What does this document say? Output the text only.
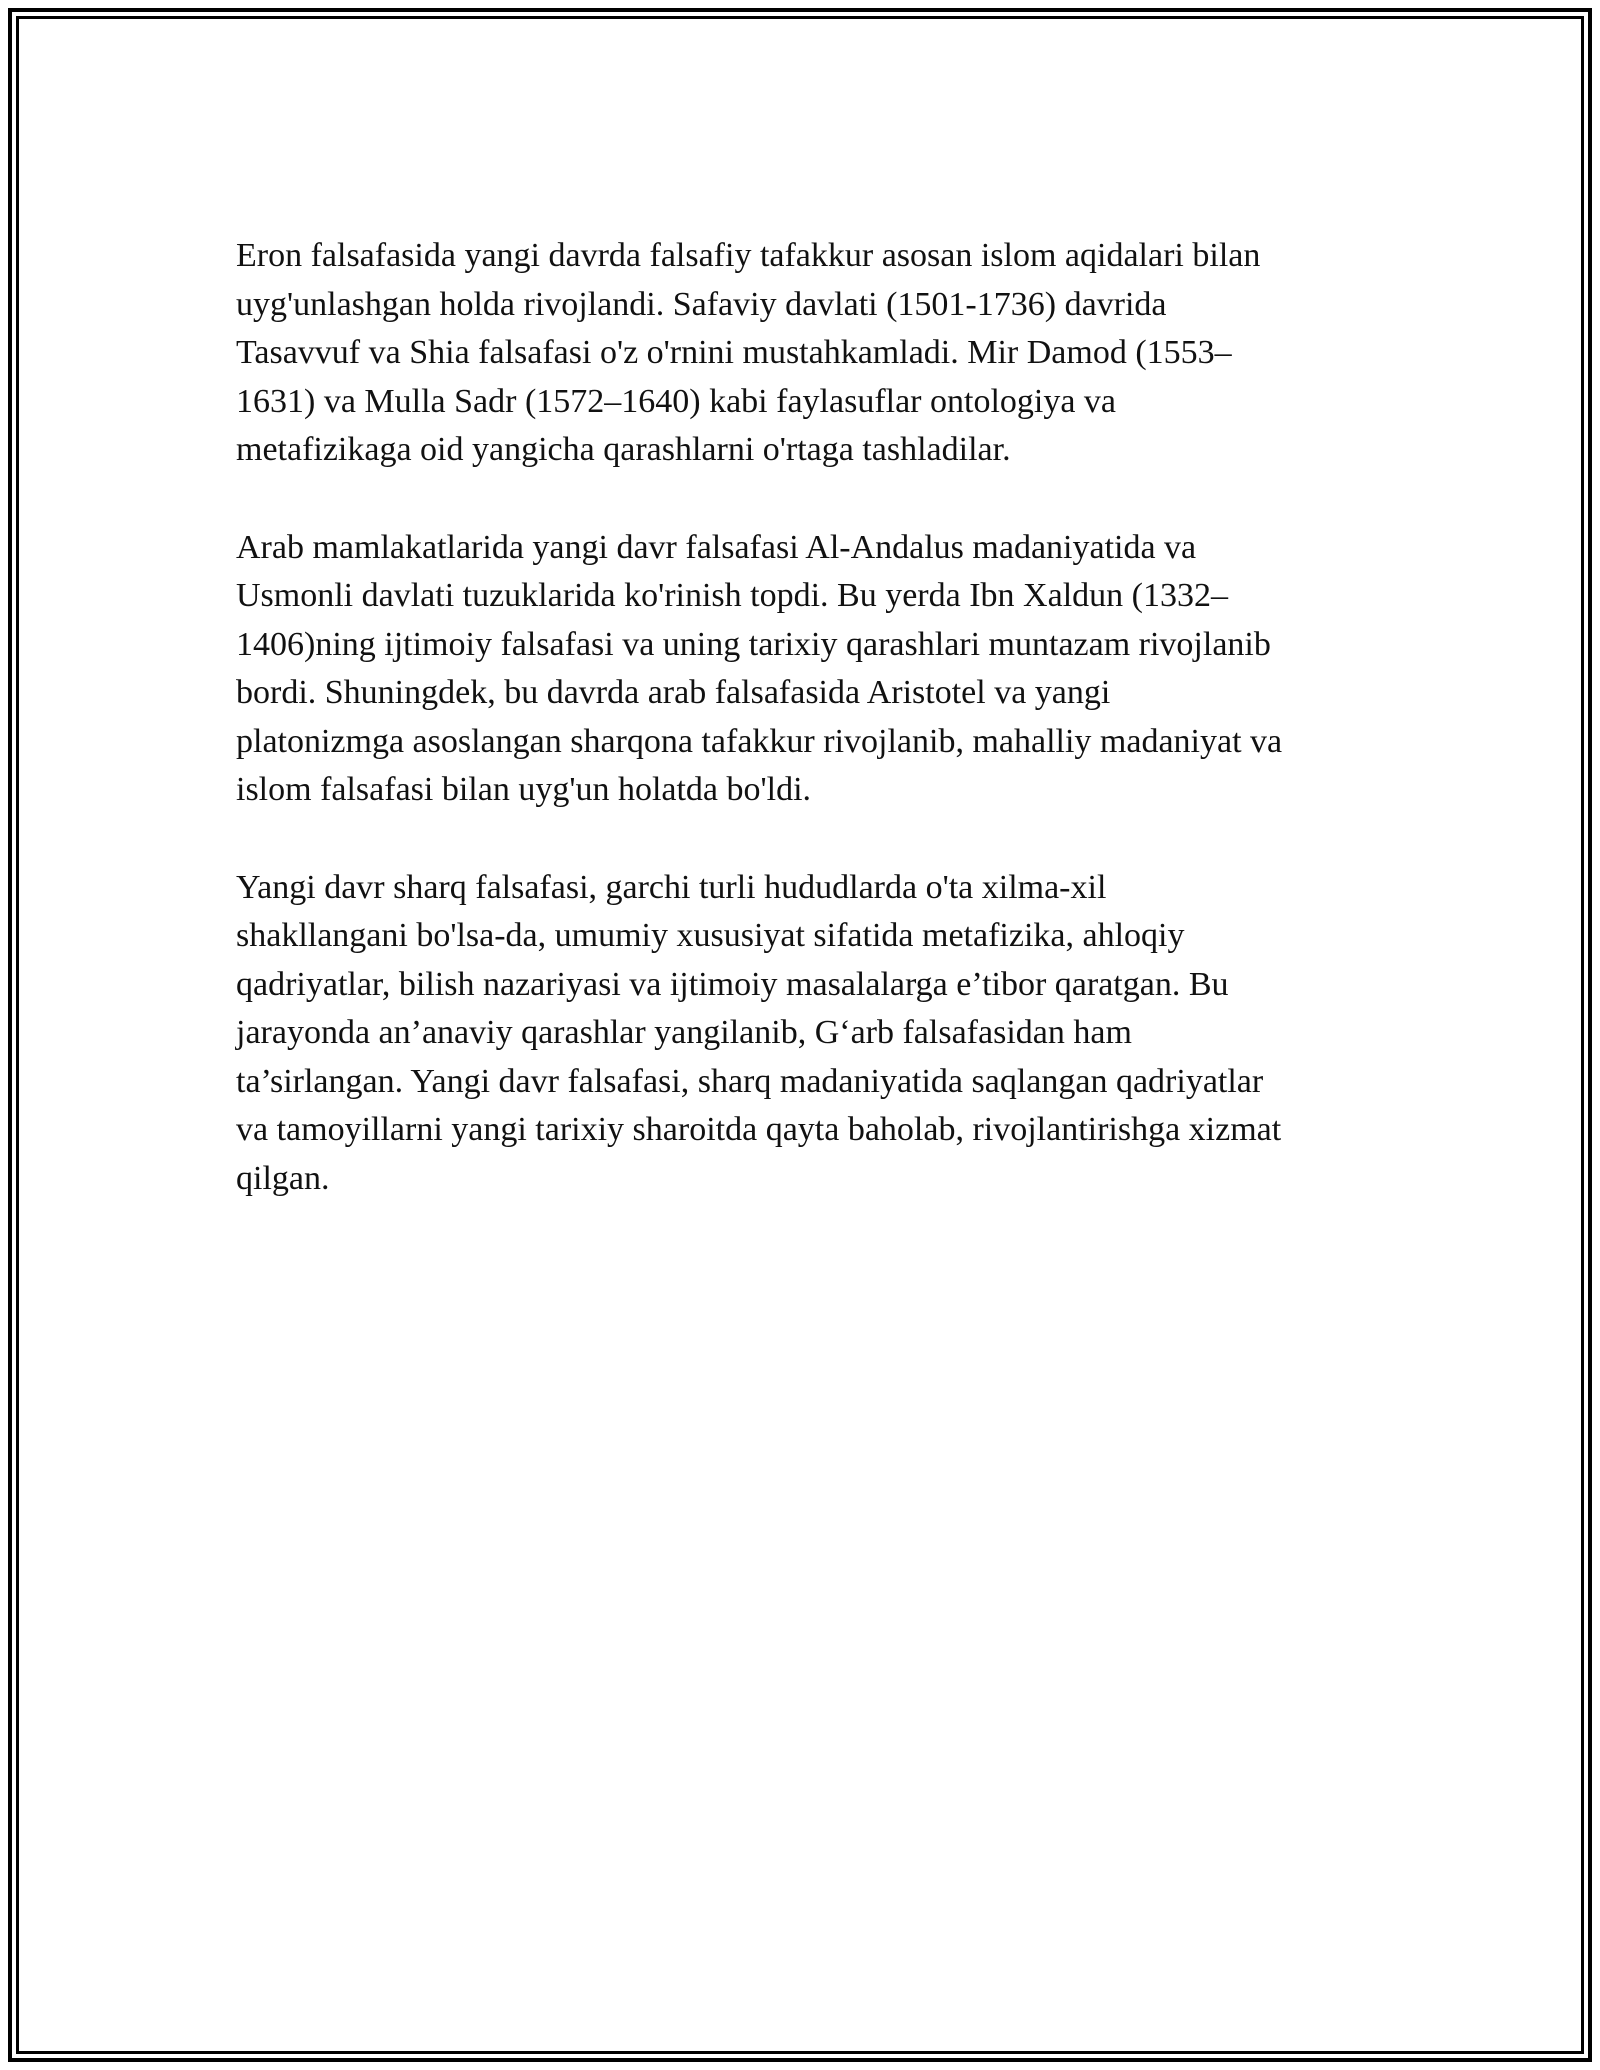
Eron falsafasida yangi davrda falsafiy tafakkur asosan islom aqidalari bilan
uyg'unlashgan holda rivojlandi. Safaviy davlati (1501-1736) davrida
Tasavvuf va Shia falsafasi o'z o'rnini mustahkamladi. Mir Damod (1553–
1631) va Mulla Sadr (1572–1640) kabi faylasuflar ontologiya va
metafizikaga oid yangicha qarashlarni o'rtaga tashladilar.

Arab mamlakatlarida yangi davr falsafasi Al-Andalus madaniyatida va
Usmonli davlati tuzuklarida ko'rinish topdi. Bu yerda Ibn Xaldun (1332–
1406)ning ijtimoiy falsafasi va uning tarixiy qarashlari muntazam rivojlanib
bordi. Shuningdek, bu davrda arab falsafasida Aristotel va yangi
platonizmga asoslangan sharqona tafakkur rivojlanib, mahalliy madaniyat va
islom falsafasi bilan uyg'un holatda bo'ldi.

Yangi davr sharq falsafasi, garchi turli hududlarda o'ta xilma-xil
shakllangani bo'lsa-da, umumiy xususiyat sifatida metafizika, ahloqiy
qadriyatlar, bilish nazariyasi va ijtimoiy masalalarga e’tibor qaratgan. Bu
jarayonda an’anaviy qarashlar yangilanib, G‘arb falsafasidan ham
ta’sirlangan. Yangi davr falsafasi, sharq madaniyatida saqlangan qadriyatlar
va tamoyillarni yangi tarixiy sharoitda qayta baholab, rivojlantirishga xizmat
qilgan.
